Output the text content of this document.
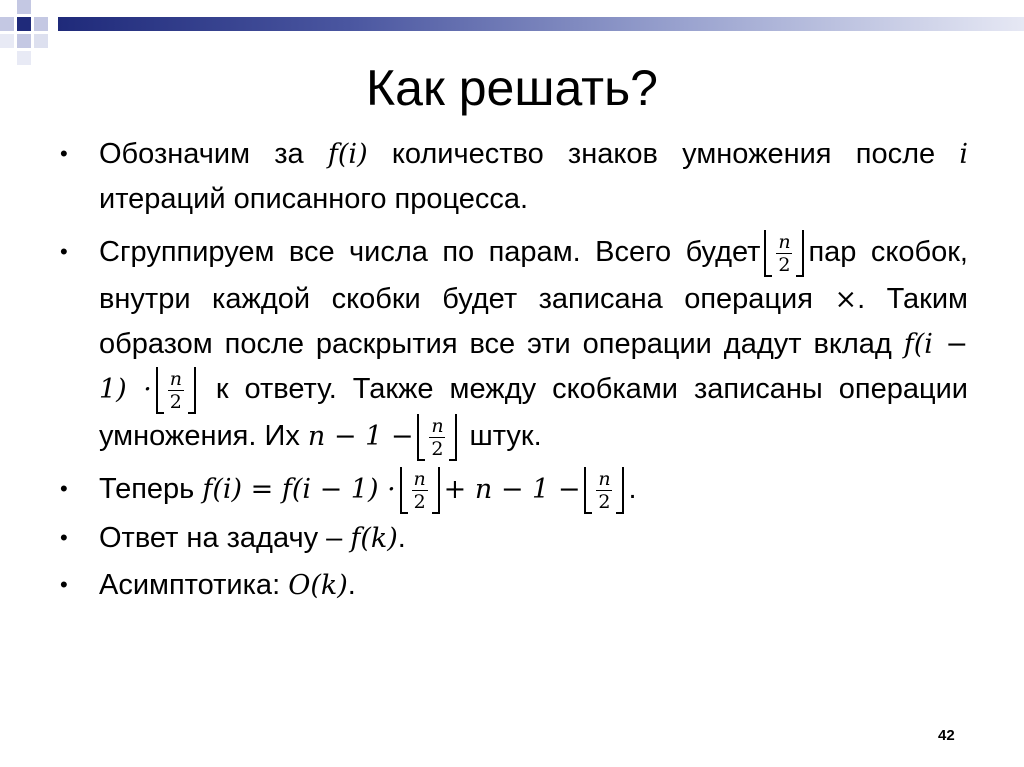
Как решать?
• Обозначим за 𝑓(𝑖) количество знаков умножения после 𝑖 итераций описанного процесса.
• Сгруппируем все числа по парам. Всего будет $\frac{\text{𝑛}}{2}$ пар скобок, внутри каждой скобки будет записана операция ×. Таким образом после раскрытия все эти операции дадут вклад 𝑓(𝑖 − $1) \cdot \frac{\text{𝑛}}{2}$ к ответу. Также между скобками записаны операции умножения. Их 𝑛 − $1 - \frac{\text{𝑛}}{2}$ штук.
• Теперь 𝑓(𝑖) = 𝑓(𝑖 − $1) \cdot \frac{\text{𝑛}}{2}$ + 𝑛 − $1 - \frac{\text{𝑛}}{2}$ .
• Ответ на задачу – 𝑓(𝑘).
• Асимптотика: 𝑂(𝑘).
42
